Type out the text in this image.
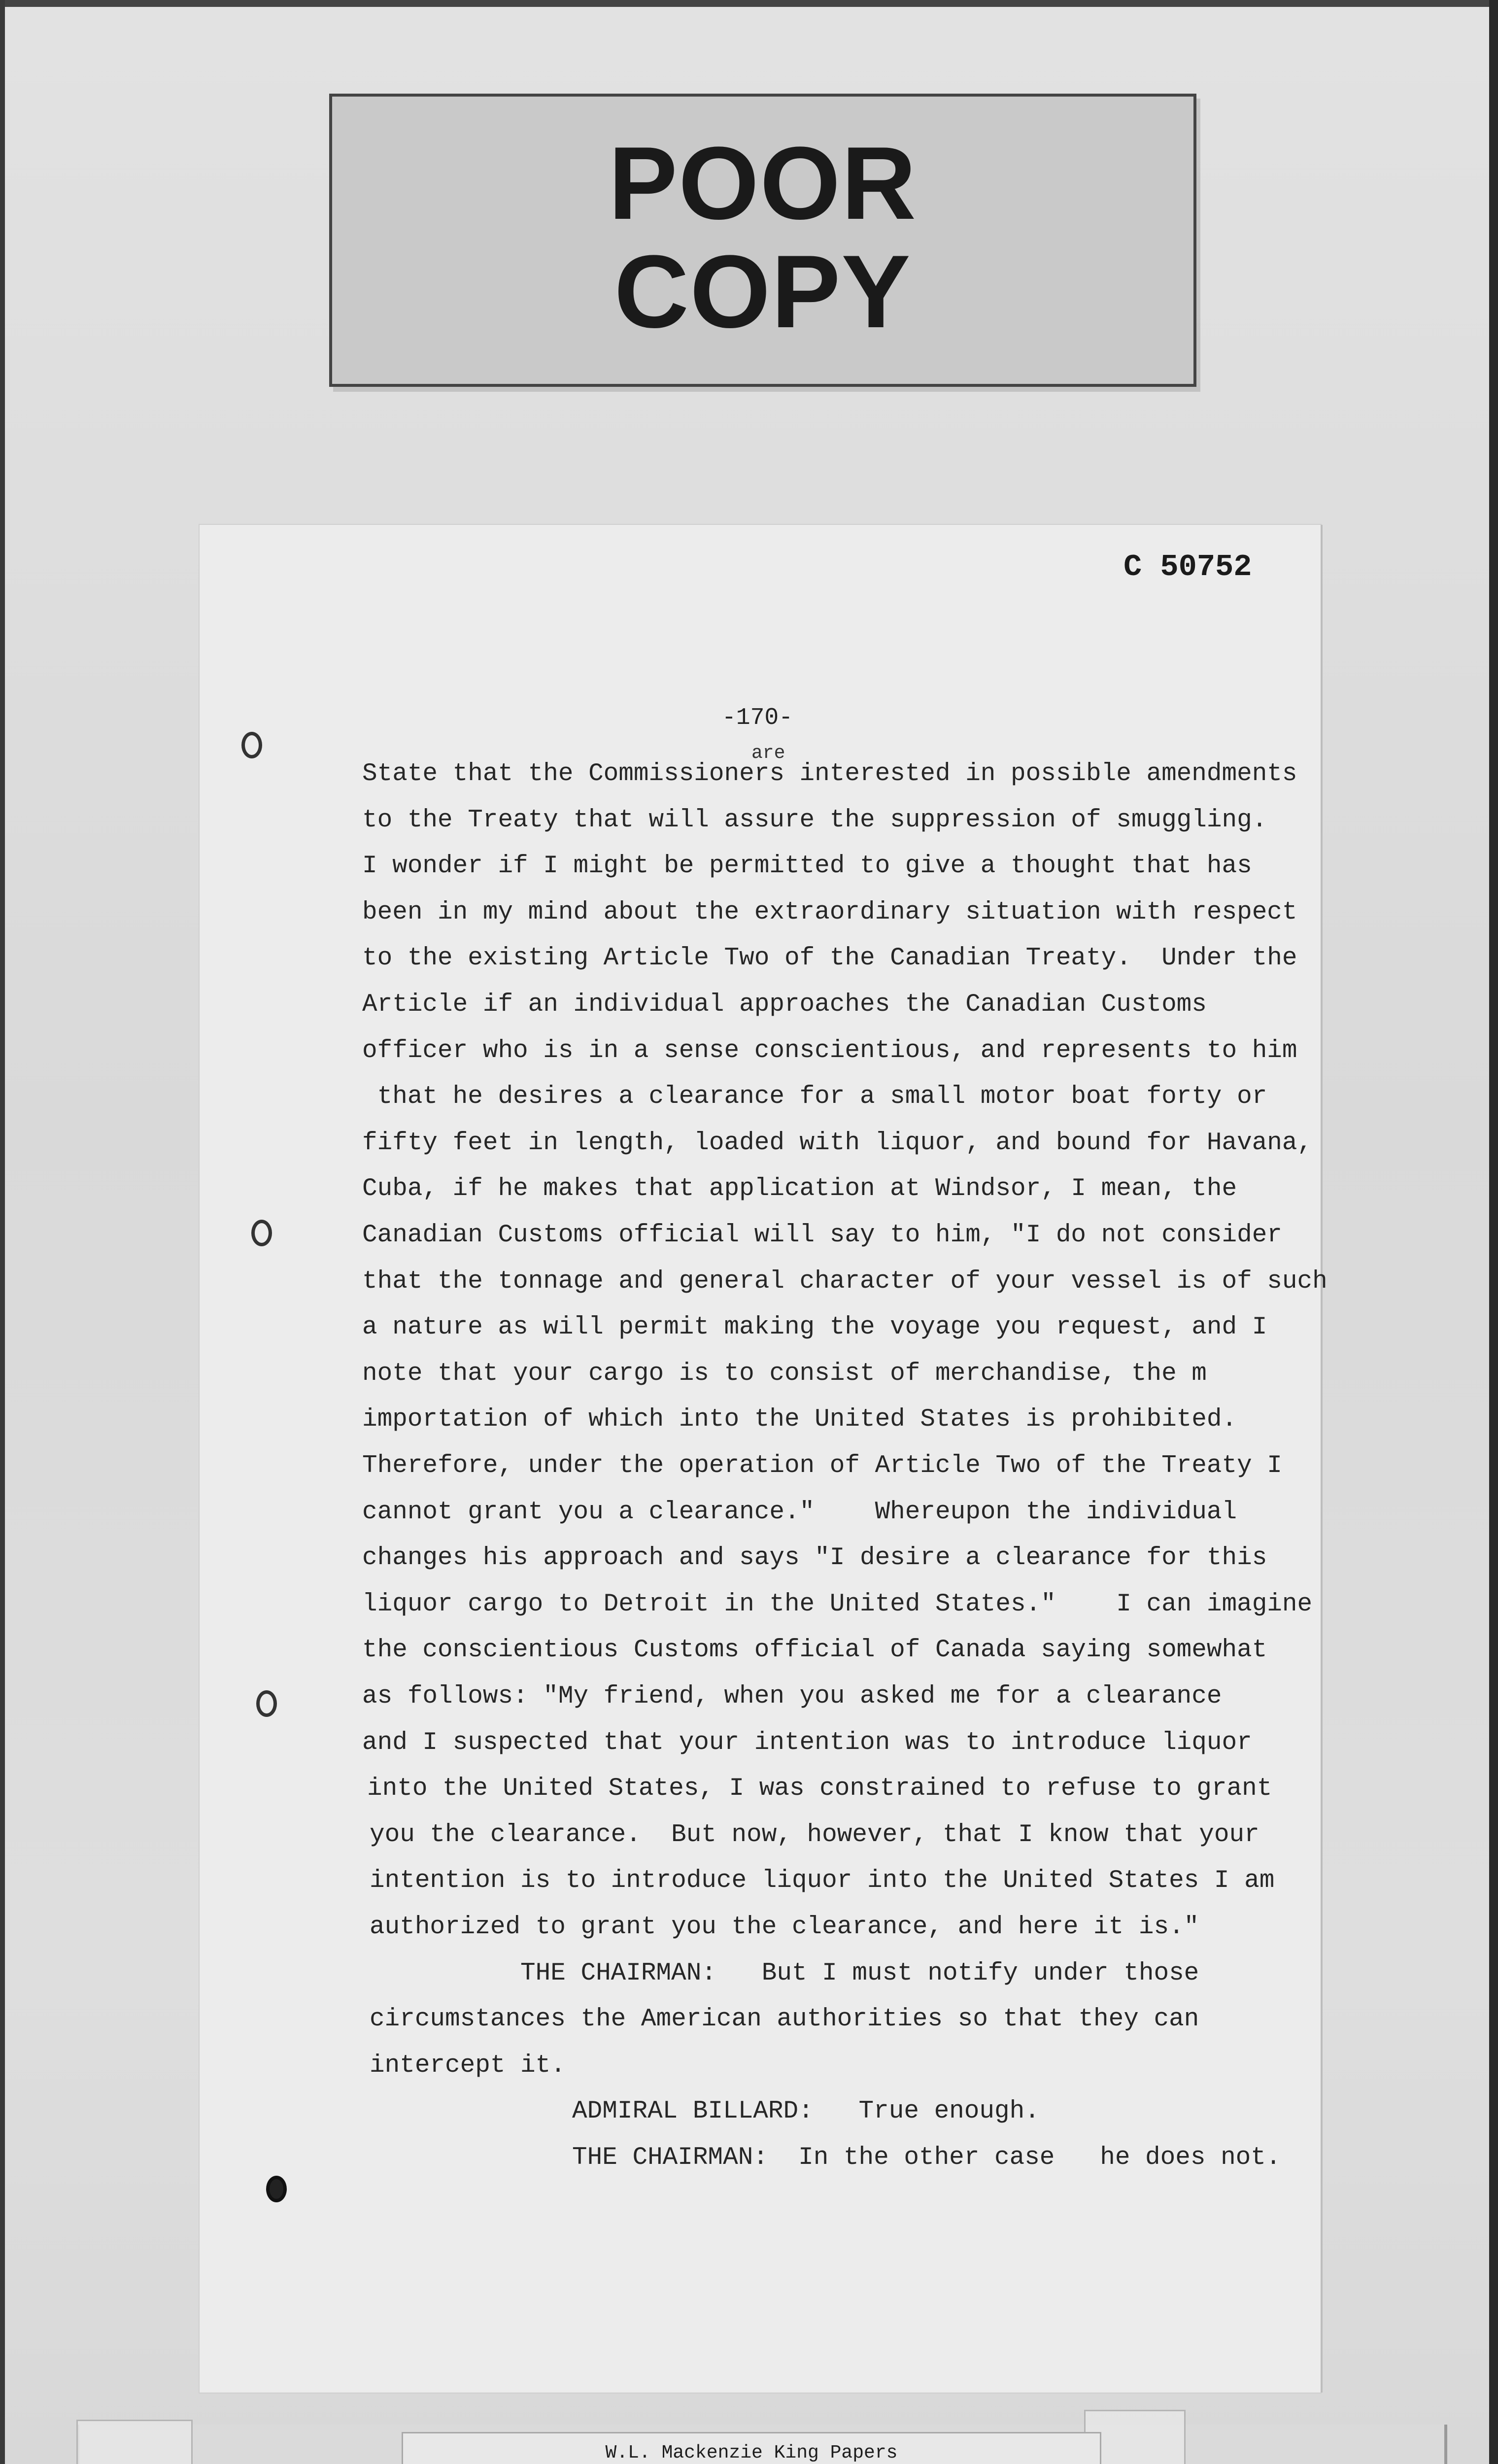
POOR
COPY
C 50752
-170-
are
State that the Commissioners interested in possible amendments
to the Treaty that will assure the suppression of smuggling.
I wonder if I might be permitted to give a thought that has
been in my mind about the extraordinary situation with respect
to the existing Article Two of the Canadian Treaty.  Under the
Article if an individual approaches the Canadian Customs
officer who is in a sense conscientious, and represents to him
that he desires a clearance for a small motor boat forty or
fifty feet in length, loaded with liquor, and bound for Havana,
Cuba, if he makes that application at Windsor, I mean, the
Canadian Customs official will say to him, "I do not consider
that the tonnage and general character of your vessel is of such
a nature as will permit making the voyage you request, and I
note that your cargo is to consist of merchandise, the m
importation of which into the United States is prohibited.
Therefore, under the operation of Article Two of the Treaty I
cannot grant you a clearance."    Whereupon the individual
changes his approach and says "I desire a clearance for this
liquor cargo to Detroit in the United States."    I can imagine
the conscientious Customs official of Canada saying somewhat
as follows: "My friend, when you asked me for a clearance
and I suspected that your intention was to introduce liquor
into the United States, I was constrained to refuse to grant
you the clearance.  But now, however, that I know that your
intention is to introduce liquor into the United States I am
authorized to grant you the clearance, and here it is."
THE CHAIRMAN:   But I must notify under those
circumstances the American authorities so that they can
intercept it.
ADMIRAL BILLARD:   True enough.
THE CHAIRMAN:  In the other case   he does not.
W.L. Mackenzie King Papers
